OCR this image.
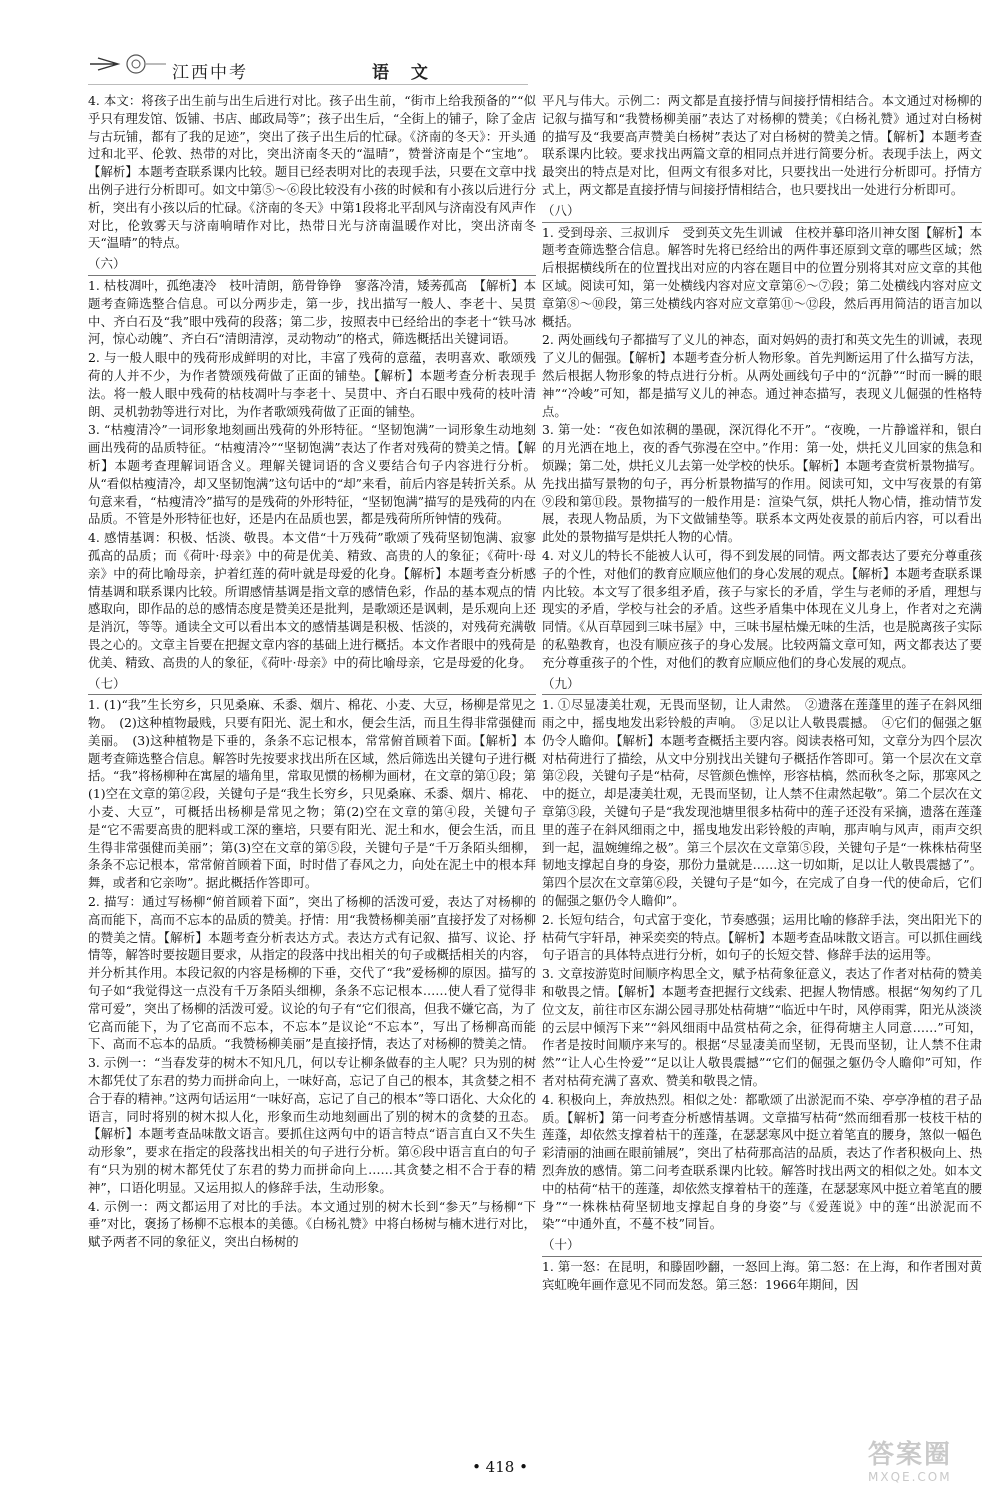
江西中考	语 文

4. 本文：将孩子出生前与出生后进行对比。孩子出生前，“街市上给我预备的”“似乎只有理发馆、饭铺、书店、邮政局等”；孩子出生后，“全街上的铺子，除了金店与古玩铺，都有了我的足迹”，突出了孩子出生后的忙碌。《济南的冬天》：开头通过和北平、伦敦、热带的对比，突出济南冬天的“温晴”，赞誉济南是个“宝地”。【解析】本题考查联系课内比较。题目已经表明对比的表现手法，只要在文章中找出例子进行分析即可。如文中第⑤～⑥段比较没有小孩的时候和有小孩以后进行分析，突出有小孩以后的忙碌。《济南的冬天》中第1段将北平刮风与济南没有风声作对比，伦敦雾天与济南响晴作对比，热带日光与济南温暖作对比，突出济南冬天“温晴”的特点。

（六）

1. 枯枝凋叶，孤绝凄冷　枝叶清朗，筋骨铮铮　寥落冷清，矮莠孤高　【解析】本题考查筛选整合信息。可以分两步走，第一步，找出描写一般人、李老十、吴贯中、齐白石及“我”眼中残荷的段落；第二步，按照表中已经给出的李老十“铁马冰河，惊心动魄”、齐白石“清朗清淳，灵动物动”的格式，筛选概括出关键词语。

2. 与一般人眼中的残荷形成鲜明的对比，丰富了残荷的意蕴，表明喜欢、歌颂残荷的人并不少，为作者赞颂残荷做了正面的铺垫。【解析】本题考查分析表现手法。将一般人眼中残荷的枯枝凋叶与李老十、吴贯中、齐白石眼中残荷的枝叶清朗、灵机勃勃等进行对比，为作者歌颂残荷做了正面的铺垫。

3. “枯瘦清冷”一词形象地刻画出残荷的外形特征。“坚韧饱满”一词形象生动地刻画出残荷的品质特征。“枯瘦清冷”“坚韧饱满”表达了作者对残荷的赞美之情。【解析】本题考查理解词语含义。理解关键词语的含义要结合句子内容进行分析。从“看似枯瘦清冷，却又坚韧饱满”这句话中的“却”来看，前后内容是转折关系。从句意来看，“枯瘦清冷”描写的是残荷的外形特征，“坚韧饱满”描写的是残荷的内在品质。不管是外形特征也好，还是内在品质也罢，都是残荷所所钟情的残荷。

4. 感情基调：积极、恬淡、敬畏。本文借“十万残荷”歌颂了残荷坚韧饱满、寂寥孤高的品质；而《荷叶·母亲》中的荷是优美、精致、高贵的人的象征；《荷叶·母亲》中的荷比喻母亲，护着红莲的荷叶就是母爱的化身。【解析】本题考查分析感情基调和联系课内比较。所谓感情基调是指文章的感情色彩，作品的基本观点的情感取向，即作品的总的感情态度是赞美还是批判，是歌颂还是讽刺，是乐观向上还是消沉，等等。通读全文可以看出本文的感情基调是积极、恬淡的，对残荷充满敬畏之心的。文章主旨要在把握文章内容的基础上进行概括。本文作者眼中的残荷是优美、精致、高贵的人的象征，《荷叶·母亲》中的荷比喻母亲，它是母爱的化身。

（七）

1. (1)“我”生长穷乡，只见桑麻、禾黍、烟片、棉花、小麦、大豆，杨柳是常见之物。　(2)这种植物最贱，只要有阳光、泥土和水，便会生活，而且生得非常强健而美丽。　(3)这种植物是下垂的，条条不忘记根本，常常俯首顾着下面。【解析】本题考查筛选整合信息。解答时先按要求找出所在区域，然后筛选出关键句子进行概括。“我”将杨柳种在寓屋的墙角里，常取见惯的杨柳为画材，在文章的第①段；第(1)空在文章的第②段，关键句子是“我生长穷乡，只见桑麻、禾黍、烟片、棉花、小麦、大豆”，可概括出杨柳是常见之物；第(2)空在文章的第④段，关键句子是“它不需要高贵的肥料或工深的壅培，只要有阳光、泥土和水，便会生活，而且生得非常强健而美丽”；第(3)空在文章的第⑤段，关键句子是“千万条陌头细柳，条条不忘记根本，常常俯首顾着下面，时时借了春风之力，向处在泥土中的根本拜舞，或者和它亲吻”。据此概括作答即可。

2. 描写：通过写杨柳“俯首顾着下面”，突出了杨柳的活泼可爱，表达了对杨柳的高而能下，高而不忘本的品质的赞美。抒情：用“我赞杨柳美丽”直接抒发了对杨柳的赞美之情。【解析】本题考查分析表达方式。表达方式有记叙、描写、议论、抒情等，解答时要按题目要求，从指定的段落中找出相关的句子或概括相关的内容，并分析其作用。本段记叙的内容是杨柳的下垂，交代了“我”爱杨柳的原因。描写的句子如“我觉得这一点没有千万条陌头细柳，条条不忘记根本……使人看了觉得非常可爱”，突出了杨柳的活泼可爱。议论的句子有“它们很高，但我不嫌它高，为了它高而能下，为了它高而不忘本，不忘本”是议论“不忘本”，写出了杨柳高而能下、高而不忘本的品质。“我赞杨柳美丽”是直接抒情，表达了对杨柳的赞美之情。

3. 示例一：“当春发芽的树木不知凡几，何以专让柳条做春的主人呢？只为别的树木都凭仗了东君的势力而拼命向上，一味好高，忘记了自己的根本，其贪婪之相不合于春的精神。”这两句话运用“一味好高，忘记了自己的根本”等口语化、大众化的语言，同时将别的树木拟人化，形象而生动地刻画出了别的树木的贪婪的丑态。【解析】本题考查品味散文语言。要抓住这两句中的语言特点“语言直白又不失生动形象”，要求在指定的段落找出相关的句子进行分析。第⑥段中语言直白的句子有“只为别的树木都凭仗了东君的势力而拼命向上……其贪婪之相不合于春的精神”，口语化明显。又运用拟人的修辞手法，生动形象。

4. 示例一：两文都运用了对比的手法。本文通过别的树木长到“参天”与杨柳“下垂”对比，褒扬了杨柳不忘根本的美德。《白杨礼赞》中将白杨树与楠木进行对比，赋予两者不同的象征义，突出白杨树的

平凡与伟大。示例二：两文都是直接抒情与间接抒情相结合。本文通过对杨柳的记叙与描写和“我赞杨柳美丽”表达了对杨柳的赞美；《白杨礼赞》通过对白杨树的描写及“我要高声赞美白杨树”表达了对白杨树的赞美之情。【解析】本题考查联系课内比较。要求找出两篇文章的相同点并进行简要分析。表现手法上，两文最突出的特点是对比，但两文有很多对比，只要找出一处进行分析即可。抒情方式上，两文都是直接抒情与间接抒情相结合，也只要找出一处进行分析即可。

（八）

1. 受到母亲、三叔训斥　受到英文先生训诫　住校并摹印洛川神女图【解析】本题考查筛选整合信息。解答时先将已经给出的两件事还原到文章的哪些区域；然后根据横线所在的位置找出对应的内容在题目中的位置分别将其对应文章的其他区域。阅读可知，第一处横线内容对应文章第⑥～⑦段；第二处横线内容对应文章第⑧～⑩段，第三处横线内容对应文章第⑪～⑫段，然后再用简洁的语言加以概括。

2. 两处画线句子都描写了义儿的神态，面对妈妈的责打和英文先生的训诫，表现了义儿的倔强。【解析】本题考查分析人物形象。首先判断运用了什么描写方法，然后根据人物形象的特点进行分析。从两处画线句子中的“沉静”“时而一瞬的眼神”“冷峻”可知，都是描写义儿的神态。通过神态描写，表现义儿倔强的性格特点。

3. 第一处：“夜色如浓稠的墨砚，深沉得化不开”。“夜晚，一片静谧祥和，银白的月光洒在地上，夜的香气弥漫在空中。”作用：第一处，烘托义儿回家的焦急和烦躁；第二处，烘托义儿去第一处学校的快乐。【解析】本题考查赏析景物描写。先找出描写景物的句子，再分析景物描写的作用。阅读可知，文中写夜景的有第⑨段和第⑪段。景物描写的一般作用是：渲染气氛，烘托人物心情，推动情节发展，表现人物品质，为下文做铺垫等。联系本文两处夜景的前后内容，可以看出此处的景物描写是烘托人物的心情。

4. 对义儿的特长不能被人认可，得不到发展的同情。两文都表达了要充分尊重孩子的个性，对他们的教育应顺应他们的身心发展的观点。【解析】本题考查联系课内比较。本文写了很多组矛盾，孩子与家长的矛盾，学生与老师的矛盾，理想与现实的矛盾，学校与社会的矛盾。这些矛盾集中体现在义儿身上，作者对之充满同情。《从百草园到三味书屋》中，三味书屋枯燥无味的生活，也是脱离孩子实际的私塾教育，也没有顺应孩子的身心发展。比较两篇文章可知，两文都表达了要充分尊重孩子的个性，对他们的教育应顺应他们的身心发展的观点。

（九）

1. ①尽显凄美壮观，无畏而坚韧，让人肃然。　②遗落在莲蓬里的莲子在斜风细雨之中，摇曳地发出彩铃般的声响。　③足以让人敬畏震撼。　④它们的倔强之躯仍令人瞻仰。【解析】本题考查概括主要内容。阅读表格可知，文章分为四个层次对枯荷进行了描绘，从文中分别找出关键句子概括作答即可。第一个层次在文章第②段，关键句子是“枯荷，尽管颜色憔悴，形容枯槁，然而秋冬之际，那寒风之中的挺立，却是凄美壮观，无畏而坚韧，让人禁不住肃然起敬”。第二个层次在文章第③段，关键句子是“我发现池塘里很多枯荷中的莲子还没有采摘，遗落在莲蓬里的莲子在斜风细雨之中，摇曳地发出彩铃般的声响，那声响与风声，雨声交织到一起，温婉缠绵之极”。第三个层次在文章第⑤段，关键句子是“一株株枯荷坚韧地支撑起自身的身姿，那份力量就是……这一切如斯，足以让人敬畏震撼了”。第四个层次在文章第⑥段，关键句子是“如今，在完成了自身一代的使命后，它们的倔强之躯仍令人瞻仰”。

2. 长短句结合，句式富于变化，节奏感强；运用比喻的修辞手法，突出阳光下的枯荷气宇轩昂，神采奕奕的特点。【解析】本题考查品味散文语言。可以抓住画线句子语言的具体特点进行分析，如句子的长短交替、修辞手法的运用等。

3. 文章按游览时间顺序构思全文，赋予枯荷象征意义，表达了作者对枯荷的赞美和敬畏之情。【解析】本题考查把握行文线索、把握人物情感。根据“匆匆约了几位文友，前往市区东湖公园寻那处枯荷塘”“临近中午时，风停雨霁，阳光从淡淡的云层中倾泻下来”“斜风细雨中品赏枯荷之余，征得荷塘主人同意……”可知，作者是按时间顺序来写的。根据“尽显凄美而坚韧，无畏而坚韧，让人禁不住肃然”“让人心生怜爱”“足以让人敬畏震撼”“它们的倔强之躯仍令人瞻仰”可知，作者对枯荷充满了喜欢、赞美和敬畏之情。

4. 积极向上，奔放热烈。相似之处：都歌颂了出淤泥而不染、亭亭净植的君子品质。【解析】第一问考查分析感情基调。文章描写枯荷“然而细看那一枝枝干枯的莲蓬，却依然支撑着枯干的莲蓬，在瑟瑟寒风中挺立着笔直的腰身，煞似一幅色彩清丽的油画在眼前铺展”，突出了枯荷那高洁的品质，表达了作者积极向上、热烈奔放的感情。第二问考查联系课内比较。解答时找出两文的相似之处。如本文中的枯荷“枯干的莲蓬，却依然支撑着枯干的莲蓬，在瑟瑟寒风中挺立着笔直的腰身”“一株株枯荷坚韧地支撑起自身的身姿”与《爱莲说》中的莲“出淤泥而不染”“中通外直，不蔓不枝”同旨。

（十）

1. 第一怒：在昆明，和滕固吵翻，一怒回上海。第二怒：在上海，和作者围对黄宾虹晚年画作意见不同而发怒。第三怒：1966年期间，因

• 418 •	答案圈
MXQE.COM
